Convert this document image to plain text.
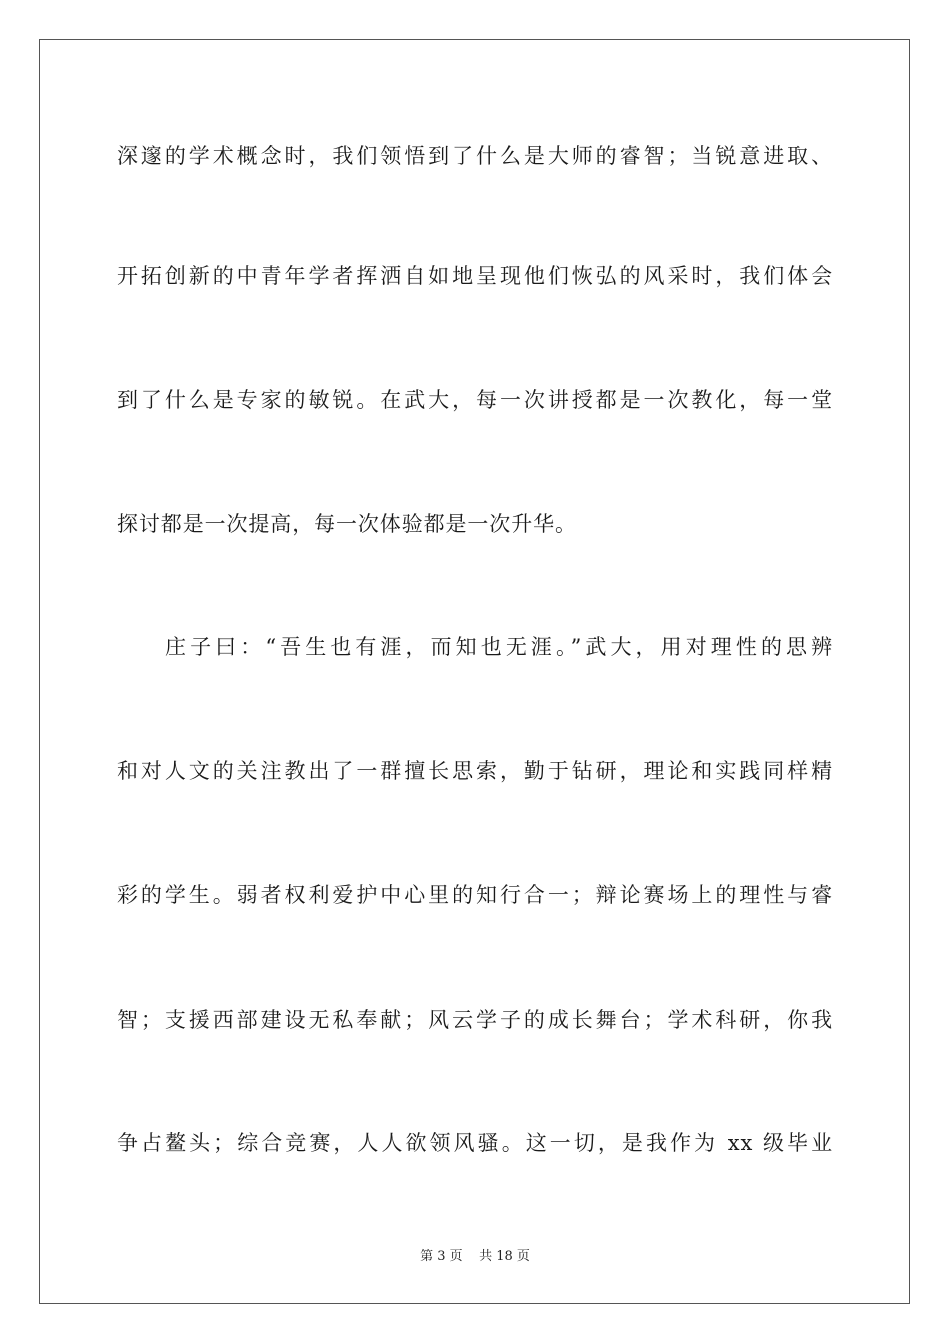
深邃的学术概念时，我们领悟到了什么是大师的睿智；当锐意进取、
开拓创新的中青年学者挥洒自如地呈现他们恢弘的风采时，我们体会
到了什么是专家的敏锐。在武大，每一次讲授都是一次教化，每一堂
探讨都是一次提高，每一次体验都是一次升华。
庄子曰：“吾生也有涯，而知也无涯。”武大，用对理性的思辨
和对人文的关注教出了一群擅长思索，勤于钻研，理论和实践同样精
彩的学生。弱者权利爱护中心里的知行合一；辩论赛场上的理性与睿
智；支援西部建设无私奉献；风云学子的成长舞台；学术科研，你我
争占鳌头；综合竞赛，人人欲领风骚。这一切，是我作为 xx 级毕业
第 3 页    共 18 页
